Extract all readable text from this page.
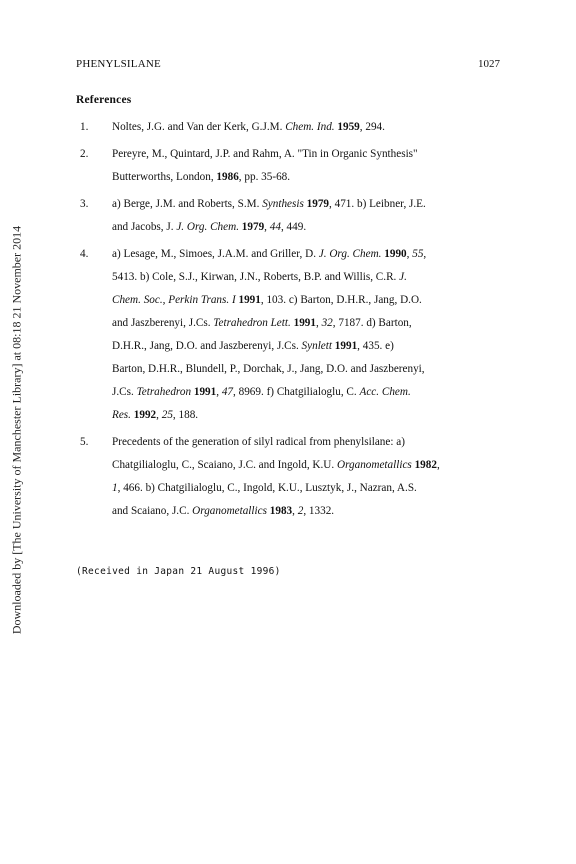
Downloaded by [The University of Manchester Library] at 08:18 21 November 2014
PHENYLSILANE	1027
References
1. Noltes, J.G. and Van der Kerk, G.J.M. Chem. Ind. 1959, 294.
2. Pereyre, M., Quintard, J.P. and Rahm, A. "Tin in Organic Synthesis"
Butterworths, London, 1986, pp. 35-68.
3. a) Berge, J.M. and Roberts, S.M. Synthesis 1979, 471. b) Leibner, J.E.
and Jacobs, J. J. Org. Chem. 1979, 44, 449.
4. a) Lesage, M., Simoes, J.A.M. and Griller, D. J. Org. Chem. 1990, 55,
5413. b) Cole, S.J., Kirwan, J.N., Roberts, B.P. and Willis, C.R. J.
Chem. Soc., Perkin Trans. I 1991, 103. c) Barton, D.H.R., Jang, D.O.
and Jaszberenyi, J.Cs. Tetrahedron Lett. 1991, 32, 7187. d) Barton,
D.H.R., Jang, D.O. and Jaszberenyi, J.Cs. Synlett 1991, 435. e)
Barton, D.H.R., Blundell, P., Dorchak, J., Jang, D.O. and Jaszberenyi,
J.Cs. Tetrahedron 1991, 47, 8969. f) Chatgilialoglu, C. Acc. Chem.
Res. 1992, 25, 188.
5. Precedents of the generation of silyl radical from phenylsilane: a)
Chatgilialoglu, C., Scaiano, J.C. and Ingold, K.U. Organometallics 1982,
1, 466. b) Chatgilialoglu, C., Ingold, K.U., Lusztyk, J., Nazran, A.S.
and Scaiano, J.C. Organometallics 1983, 2, 1332.
(Received in Japan 21 August 1996)
